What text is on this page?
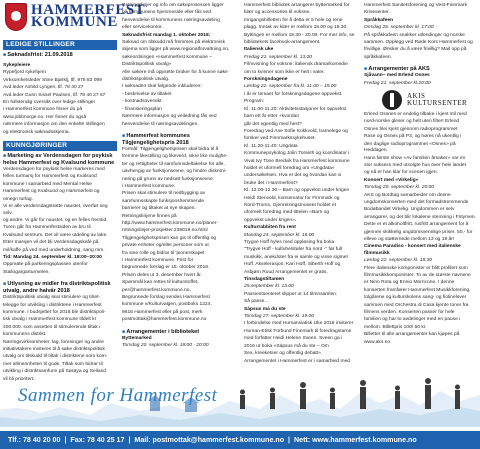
HAMMERFEST
KOMMUNE
LEDIGE STILLINGER
■ Søknadsfrist: 21.09.2018

Sykepleiere

Rypefjord sykehjem

Virksomhetsleder Stine Bjørklj, tlf. 976 83 099

Avd.leder Ashild Lyngen, tlf. 78 40 27

Avd.leder Gunn Sissel Paulsen, tlf. 78 40 27 67

En fullstendig oversikt over ledige stillinger

i Hammerfest kommune finner du på

www.jobbnorge.no. Her finner du også

nærmere informasjon om den enkelte stillingen

og elektronisk søknadsskjema.

KUNNGJØRINGER
■ Marketing av Verdensdagen for psykisk helse Hammerfest og Kvalsund kommune

Verdensdagen for psykisk helse markeres med

felles turmarsj for Hammerfest og Kvalsund

kommune i samarbeid med Mental Helse

Hammerfest og Kvalsund og Hammerfest og

omegn turlag.

Vi er alle verdensdagstrøtte naustet, overfør seg selv

og andre. Vi går for naustet, og en felles fremtid.

Turen går fra Hammerfestsiden av bru til

Kvalsund sentrum. Det vil være utdeling av lake.

Etter marsjen vil det bli Verdensdagskafé på

mil/kaffe på ved med underholdning, sang mm.

Tid: Mandag 24. september kl. 18:00–20:00

Oppmøte på parkeringsplassen utenfor

Stallogargarturmelen.

■ Utlysning av midler fra distriktspolitisk utvalg, andre halvår 2018

Distriktspolitisk utvalg skal stimulere og tilret-

telegge for utvikling i distriktene i Hammerfest

kommune. I budsjettet for 2018 ble distriktspoli-

tisk utvalg i Hammerfest kommune tildelt kr

400.000. som avsettes til stimulerende tiltak i

kommunens distrikt.

Næringsvirksomheter, lag, foreninger og andre

initiativtakere inviteres til å søke distriktspolitisk

utvalg om tilskudd til tiltak i distriktene som kom-

mer allmennheten til gode. Tiltak som bidrar til

utvikling i distriktsamfunn på Sørøya og Seiland

vil bli prioritert.

Retningslinjer og info om søkeprosessen ligger

på kommunens hjemmeside eller fås ved

henvendelse til kommunens næringsavdeling

eller servicekontor.

Søknadsfrist mandag 1. oktober 2018.

Søknad om tilskudd må fremmes på elektronisk

skjema som ligger på www.regionalforvaltning.no,

søkeordningen «Hammerfest kommune –

Distriktspolitisk utvalg»

Alle søkere må oppsette bruker for å kunne søke

distriktspolitisk utvalg.

I søknaden skal følgende inkluderes:

- beskrivelse av tiltaket

- kostnadsoversikt

- finansieringsplan

Nærmere informasjon og veiledning fås ved

henvendelse til næringsavdelingen.

■ Hammerfest kommunes Tilgjengelighetspris 2018

Formål: Tilgjengelighetsprisen skal bidra til å

fremme likestilling og likeverd, sikre like mulighe-

ter og rettigheter til samfunnsdeltakelse for alle,

uavhengig av funksjonsevne, og hindre diskrimi-

nering på grunn av nedsatt funksjonsevne

i Hammerfest kommune.

Prisen skal stimulere til nedbygging av

samfunnsskapte funksjonshemmende

barrierer og tiltaket at nye skapes.

Retningslinjene finnes på

http://www.hammerfest.kommune.no/planer-

retningslinjer-prosjekter.238019.no.html

Tilgjengelighetsprisen kan gis til offentlig og

private enheter og/eller personer som ut

fra sine rolle og bidrar til 'pionerskapet

i Hammerfest kommune. Frist for

begrunnede forslag er 15. oktober 2018.

Prisen deles ut 3. desember hvert år.

Spørsmål kan rettes til kulturstoffet,

per@hammerfest.kommune.no.

Begrunnede forslag sendes Hammerfest

kommune v/Kulturvalgen, postboks 1224,

9616 Hammerfest eller på post, merk

postmottak@hammerfest.kommune.no

■ Arrangementer i biblioteket

Byttemarked

Torsdag 20. september kl. 18:00 - 20:00

Hammerfest bibliotek arrangerer byttemarked for

klær og accessories til voksne.

Inngangsbilletten for å delta er 5 hele og rene

plagg. Inntak av klær er mellom 18.00 og 18.30.

Byttingen er mellom 18.30 - 20.00. For mer info, se

bibliotekets facebook-arrangement.

Italiensk uke

Fredag 21. september kl. 13.00

Filmvisning for voksne: italiensk drama/komedie

om to kvinner som ikke er helt i vater.

Forskningsdagene

Lørdag 22. september fra kl. 11.00 – 15.00

I år er temaet for forskningsdagene oppvekst.

Program:

Kl. 11.00-11.20: Aktivitetsstasjoner for oppvekst

barn ett år etter +kvordan

går det egentlig med hest?

Foredrag ved Ane Sofie Kokkvold, barnelege og

forsker ved Finnmarkssykehuset.

Kl. 11.20-11.40: Ungdata

Kommunepsykolog Jolin Torseth og koordinator i

Vival Ivy Tone Bredvik fra Hammerfest kommune

holdet et uformell foredrag om «Ungdata»

undersøkelsen. Hva er det og hvordan kan vi

bruke det i Hammerfest?

Kl. 12.00-12.30 – Barn og oppvekst under krigen

Heidi Stenvold, konservator for Finnmark og

Nord-Troms, Gjenreisingsmuseet holdet et

uformelt foredrag med tittelen «Barn og

oppvekst under krigen».

Kulturrabbiten fra rent

Mandag 24. september kl. 18.00

Trygve Hoff hyles med oppløsing fra boka

"Trygve Hoff - kultuhelstøler fra nord -" før full

muskikk, anekdoter fra ei samle og visse sigmet

Hoff. Akselerasjon: Kari Hoff, Siberth Hoff og

Asbjørn Ruud Arrangementet er gratis.

Tinsdagstiltamen

25.september kl. 13.00

Passientsenteret slipper ut 14 tilmnsamlen.

Så passe...

Sápsus má du ste

Torsdag 27. september kl. 19.00

I forbindelse med Humansiatisk Uke 2018 inviterer

Human-Etisk Forbund Finnmark til foredragsturne

med forfatter Heidi Helene Sveen. Sveen ga i

2016 ut boka «Sápsus må du ste – Om

Sex, kreeketser og offentlig debatt».

Arrangementet i Hammerfest er i samarbeid med

Hammerfest Sanitetsforening og Vest-Finnmark

Krisesenter.

Språkkafeen

Onsdag 26. september kl. 17:00

På språkkafeen snakker utlendinger og norske

sammen. Opplegg ved Røde Kors Hammerfest og

frivillige. Ønsker du å være frivillig? Mail opp på

språkkafeen.

■ Arrangementer på AKS

Sjåvann– med Erlend Osnes

Fredag 21. september kl.20:00

AKIS
KULTURSENTER

Erlend Ossnes er endelig tilbake i kjent stil med

nord-norske gleser og helt uten filter! Erlend

Osnes blei kjent gjennom radioprogrammet

Rase og Osnes på P3, og høres nå ukentlig i

den daglige radioprogrammet «Osnes» på Heddagen.

Hans første show «Av familien årsaker» var en

stor suksess med utsolgte hus over hele landet

og nå er han klar for scenen igjen.

Konsert med «Virkelig»

Torsdag 20. september kl. 20:00

AKS og Bordtag samarbeider om denne

ungdomskonserten med det formadstremmende

Bodøbandet Virkelig. Ungdommen er selv

arrangører, og det blir lokalene stemning i Fritymen.

Dette er et alkoholtfritt, rusfritt arrangement for å

gjennen skikkelig ungdomsvennlige priser. 50,- for

elleve og støtternede mellom 13 og 19 år!

Cinema Paradiso - konsert med italienske filmmusikk

Lørdag 22. september kl. 18:30

Flere italienske komponister er blitt profilert som

filmmusikkkomponister. To av de største navnene

er Nino Rota og Ennio Morricone. I denne

konserten framfører Hammerfest Musikkforening,

tolgårene og kulturskolens sang- og fiolinelever

sammen med Orchestra di Casa kjente toner fra

filmens verden. Konserten passer for hele

familien og har to avdelinger med en pause i

mellom. Billettpris 100/ 50 kr.

Billetter til alle arrangementer kan kjøpes på

www.aks.no

Sammen for Hammerfest
Tlf.: 78 40 20 00 | Fax: 78 40 25 17 | Mail: postmottak@hammerfest.kommune.no | Nett: www.hammerfest.kommune.no
